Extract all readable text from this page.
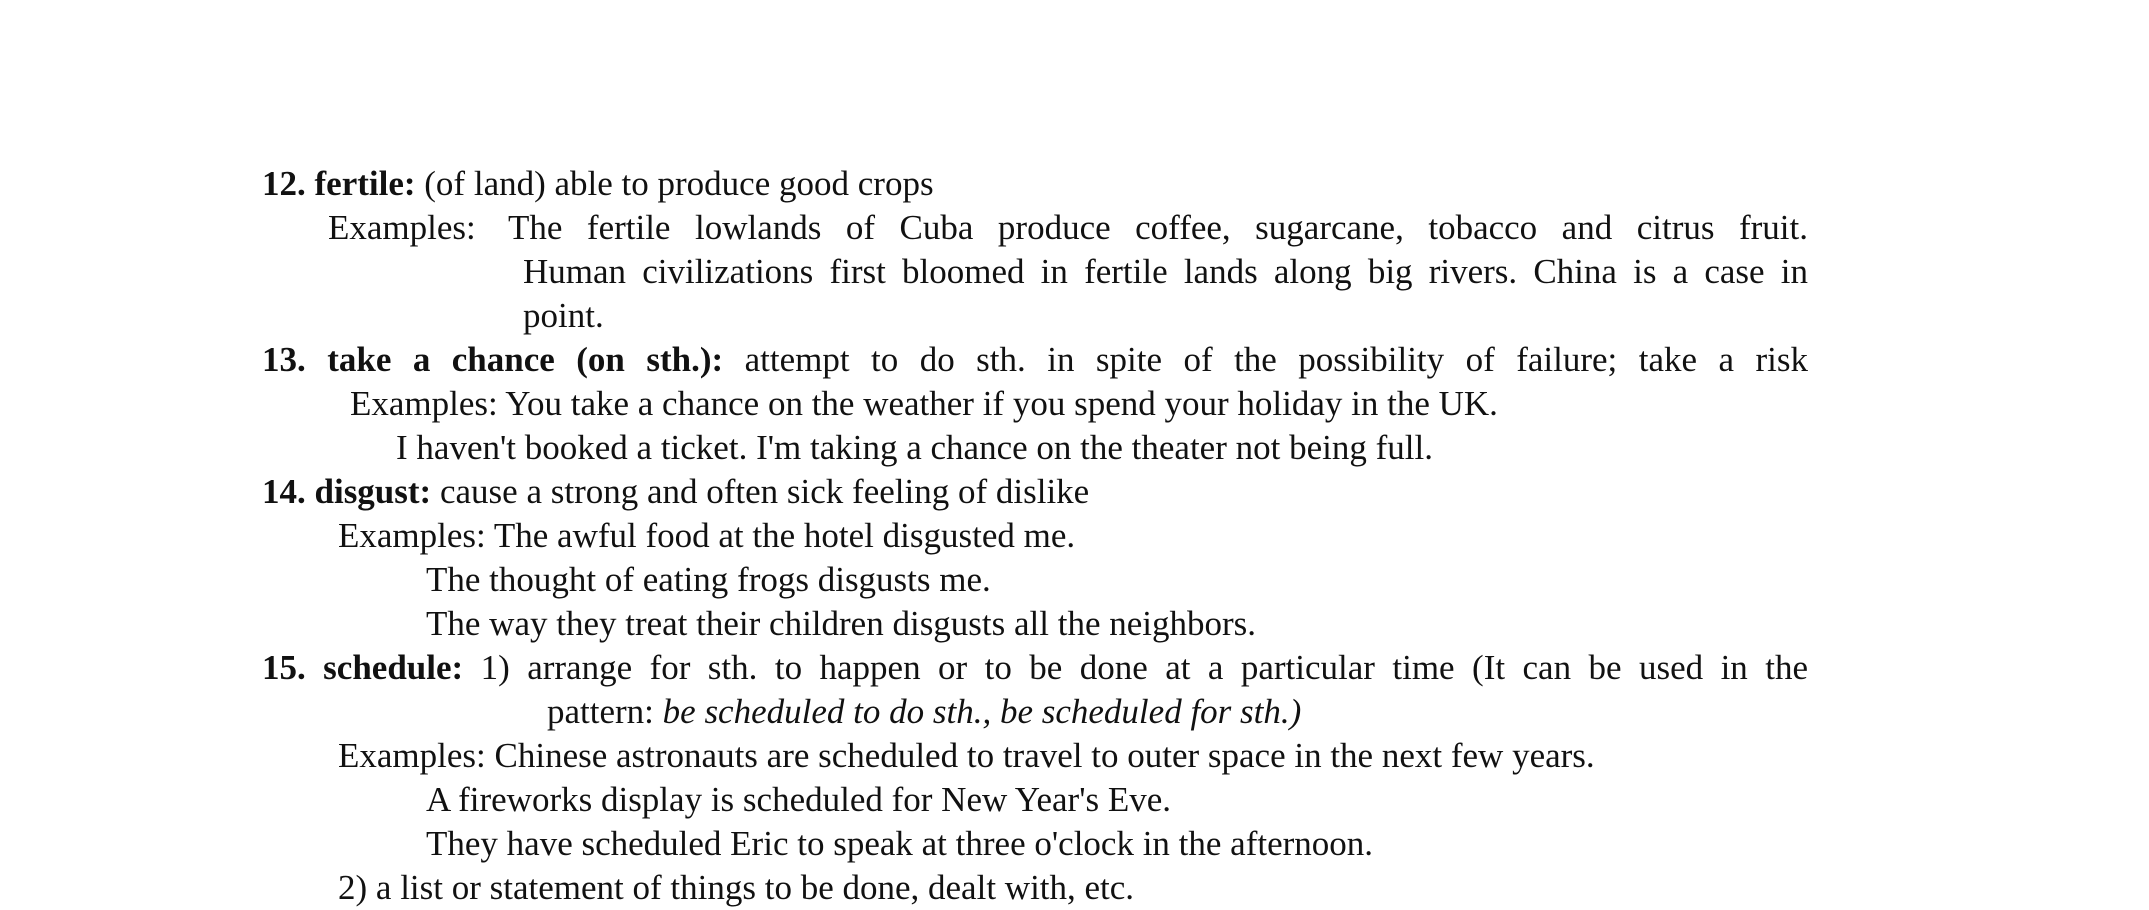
12. fertile: (of land) able to produce good crops
Examples: The fertile lowlands of Cuba produce coffee, sugarcane, tobacco and citrus fruit.
Human civilizations first bloomed in fertile lands along big rivers. China is a case in
point.
13. take a chance (on sth.): attempt to do sth. in spite of the possibility of failure; take a risk
Examples: You take a chance on the weather if you spend your holiday in the UK.
I haven't booked a ticket. I'm taking a chance on the theater not being full.
14. disgust: cause a strong and often sick feeling of dislike
Examples: The awful food at the hotel disgusted me.
The thought of eating frogs disgusts me.
The way they treat their children disgusts all the neighbors.
15. schedule: 1) arrange for sth. to happen or to be done at a particular time (It can be used in the
pattern: be scheduled to do sth., be scheduled for sth.)
Examples: Chinese astronauts are scheduled to travel to outer space in the next few years.
A fireworks display is scheduled for New Year's Eve.
They have scheduled Eric to speak at three o'clock in the afternoon.
2) a list or statement of things to be done, dealt with, etc.
